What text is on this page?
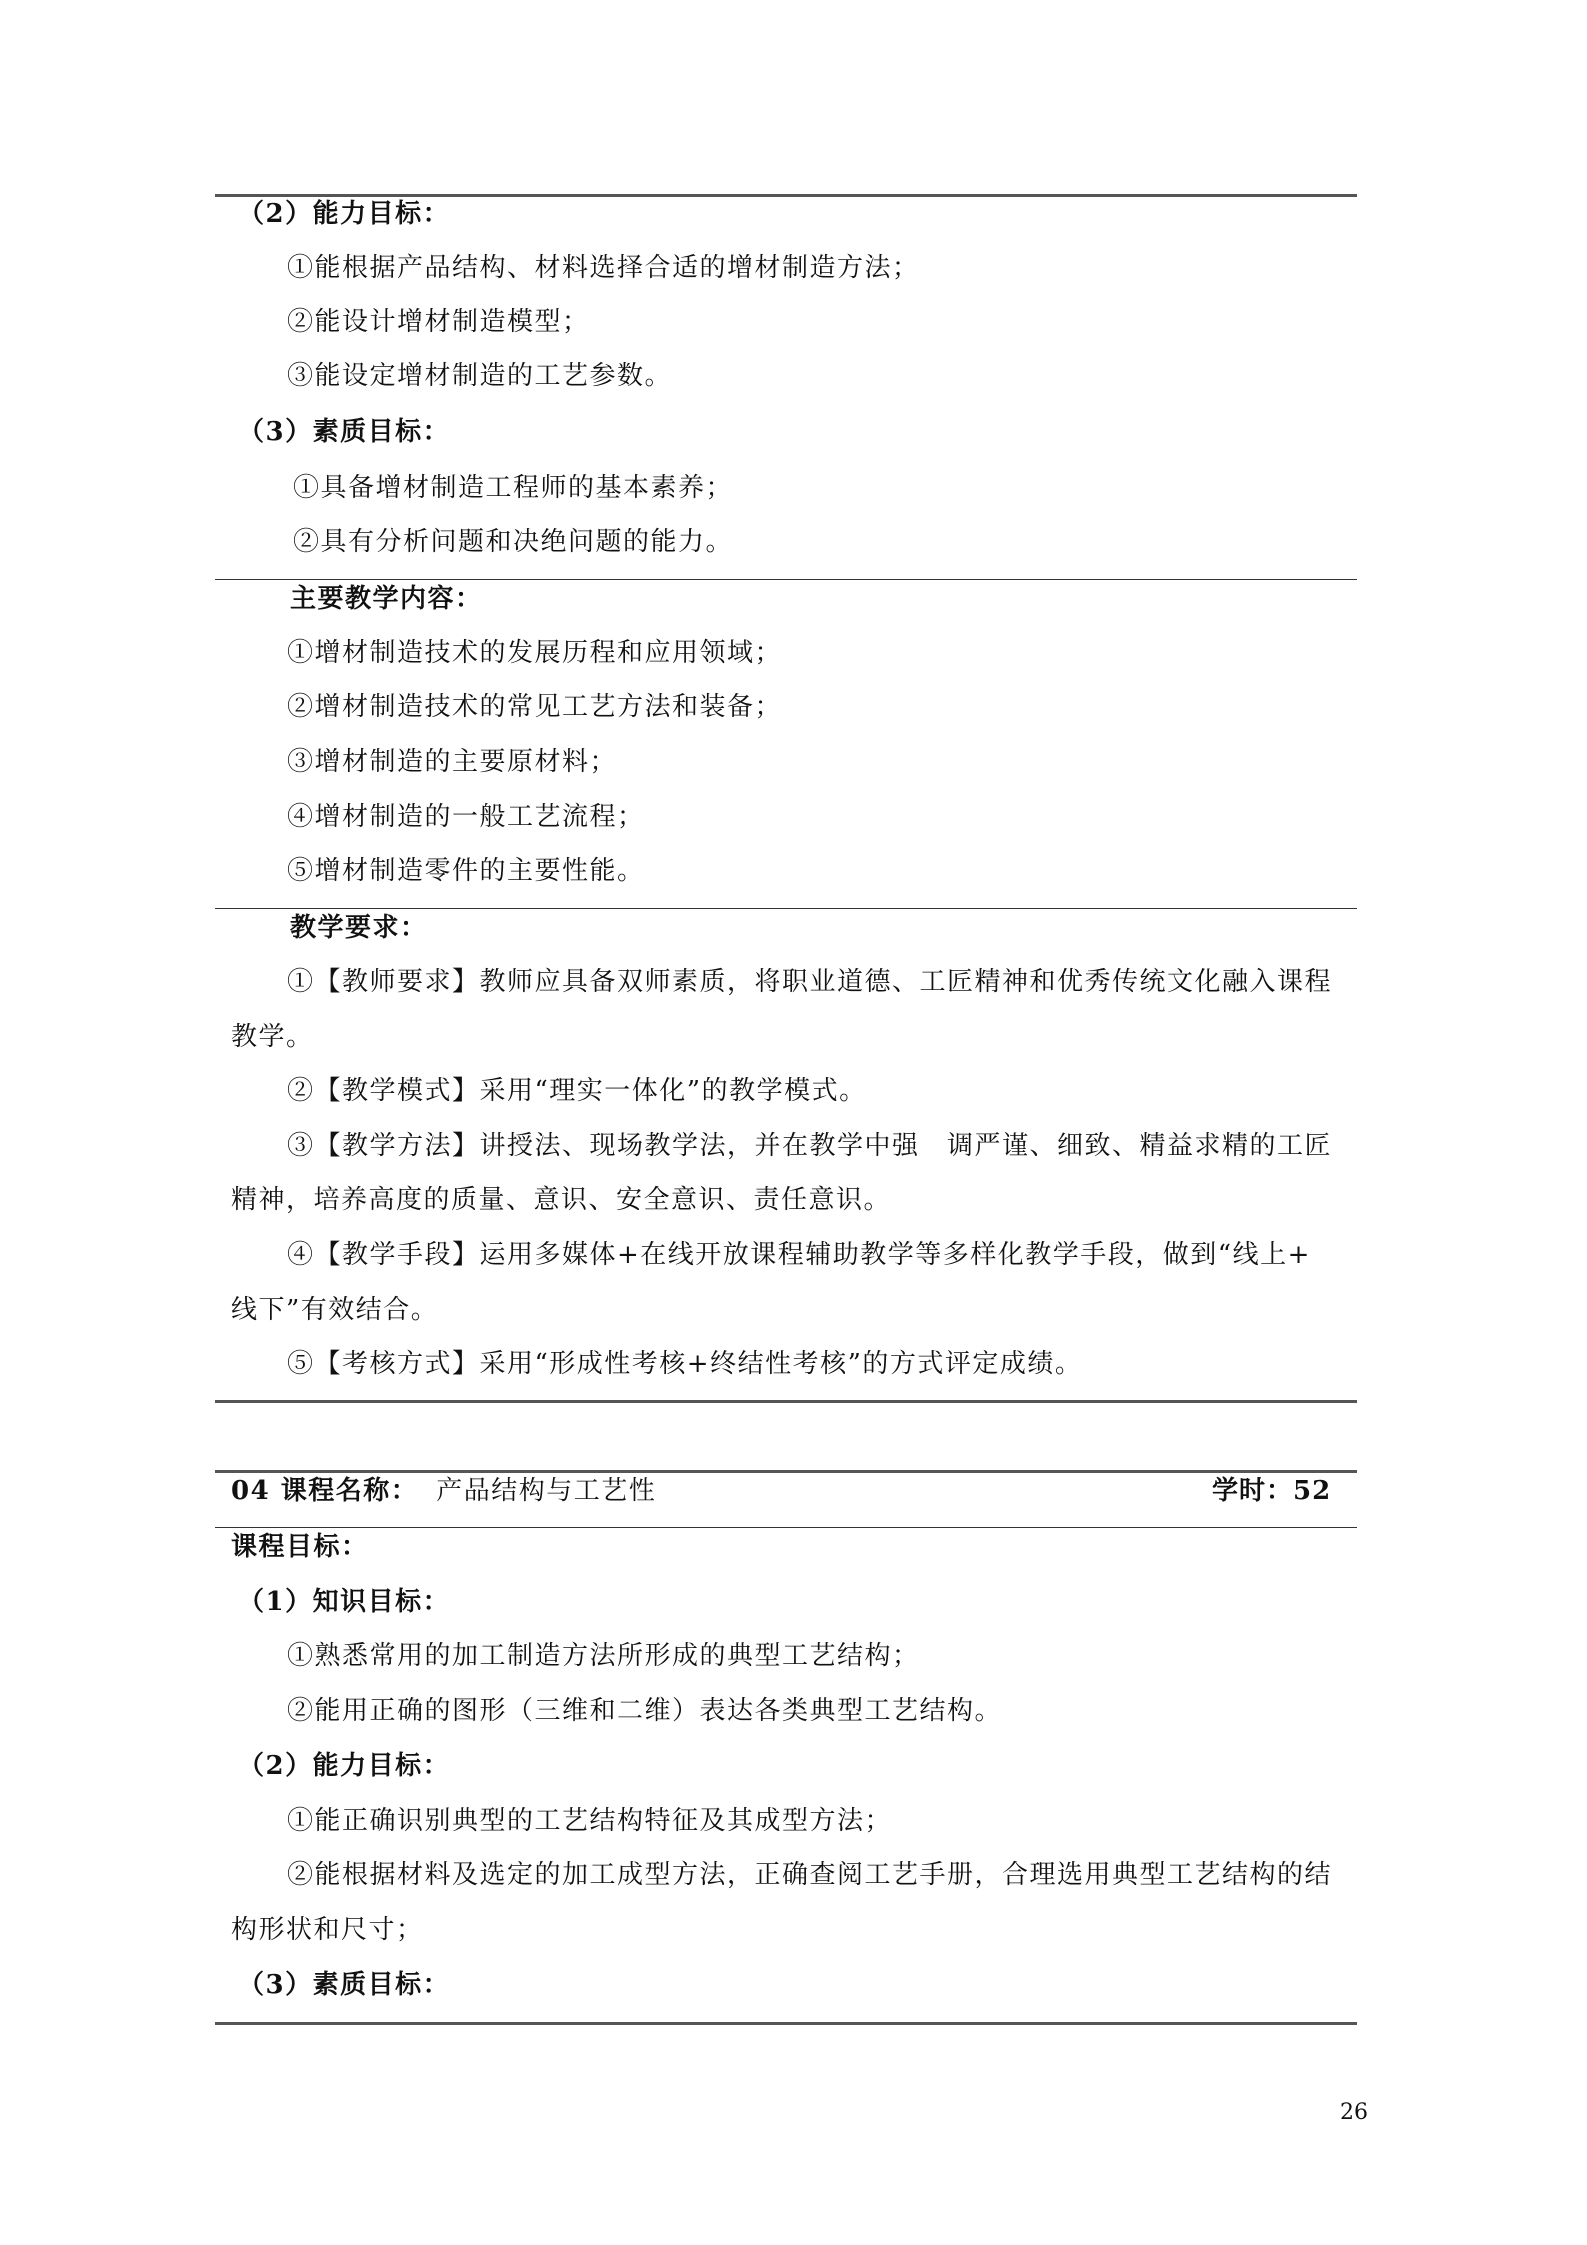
（2）能力目标：
①能根据产品结构、材料选择合适的增材制造方法；
②能设计增材制造模型；
③能设定增材制造的工艺参数。
（3）素质目标：
①具备增材制造工程师的基本素养；
②具有分析问题和决绝问题的能力。
主要教学内容：
①增材制造技术的发展历程和应用领域；
②增材制造技术的常见工艺方法和装备；
③增材制造的主要原材料；
④增材制造的一般工艺流程；
⑤增材制造零件的主要性能。
教学要求：
①【教师要求】教师应具备双师素质，将职业道德、工匠精神和优秀传统文化融入课程
教学。
②【教学模式】采用“理实一体化”的教学模式。
③【教学方法】讲授法、现场教学法，并在教学中强　调严谨、细致、精益求精的工匠
精神，培养高度的质量、意识、安全意识、责任意识。
④【教学手段】运用多媒体+在线开放课程辅助教学等多样化教学手段，做到“线上+
线下”有效结合。
⑤【考核方式】采用“形成性考核+终结性考核”的方式评定成绩。
04 课程名称： 产品结构与工艺性	学时：52
课程目标：
（1）知识目标：
①熟悉常用的加工制造方法所形成的典型工艺结构；
②能用正确的图形（三维和二维）表达各类典型工艺结构。
（2）能力目标：
①能正确识别典型的工艺结构特征及其成型方法；
②能根据材料及选定的加工成型方法，正确查阅工艺手册，合理选用典型工艺结构的结
构形状和尺寸；
（3）素质目标：
26
